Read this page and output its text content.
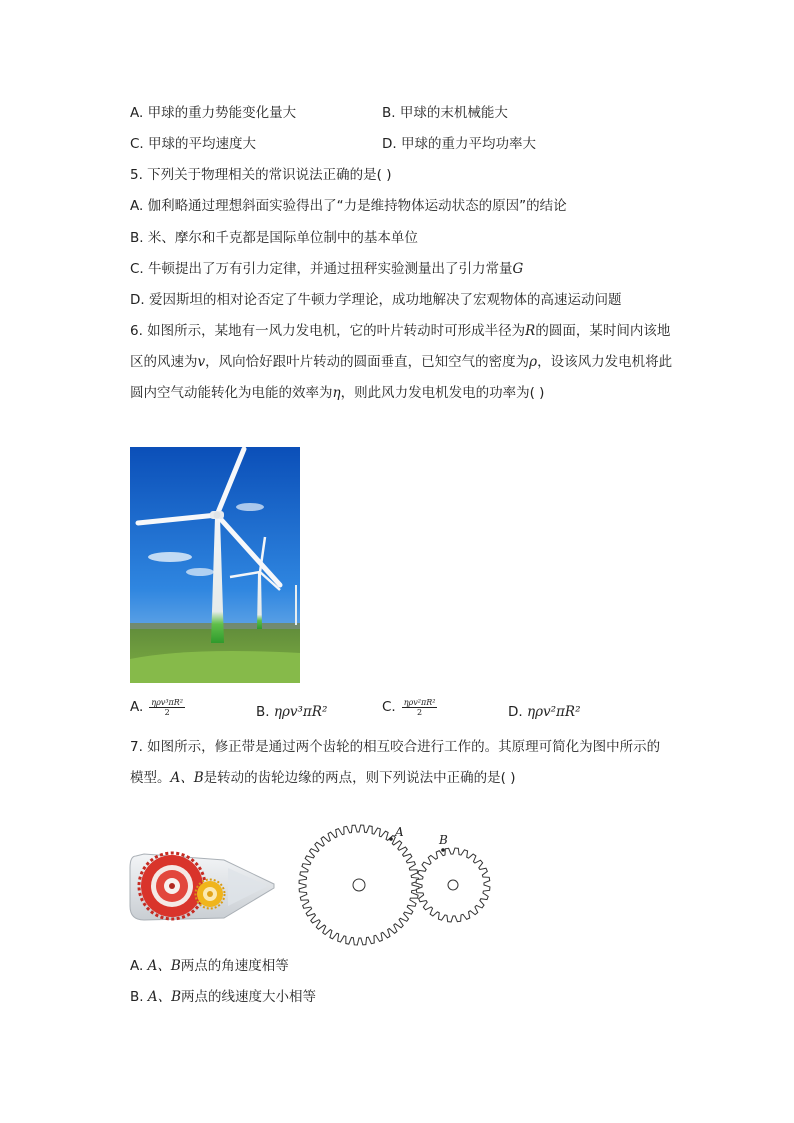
A. 甲球的重力势能变化量大	B. 甲球的末机械能大
C. 甲球的平均速度大	D. 甲球的重力平均功率大
5. 下列关于物理相关的常识说法正确的是( )
A. 伽利略通过理想斜面实验得出了“力是维持物体运动状态的原因”的结论
B. 米、摩尔和千克都是国际单位制中的基本单位
C. 牛顿提出了万有引力定律，并通过扭秤实验测量出了引力常量G
D. 爱因斯坦的相对论否定了牛顿力学理论，成功地解决了宏观物体的高速运动问题
6. 如图所示，某地有一风力发电机，它的叶片转动时可形成半径为R的圆面，某时间内该地
区的风速为v，风向恰好跟叶片转动的圆面垂直，已知空气的密度为ρ，设该风力发电机将此
圆内空气动能转化为电能的效率为η，则此风力发电机发电的功率为( )
A. $\frac{\text{ηρv³πR²}}{2}$	B. ηρv³πR²	C. $\frac{\text{ηρv²πR²}}{2}$	D. ηρv²πR²
7. 如图所示，修正带是通过两个齿轮的相互咬合进行工作的。其原理可简化为图中所示的
模型。A、B是转动的齿轮边缘的两点，则下列说法中正确的是( )
A
B
A. A、B两点的角速度相等
B. A、B两点的线速度大小相等
